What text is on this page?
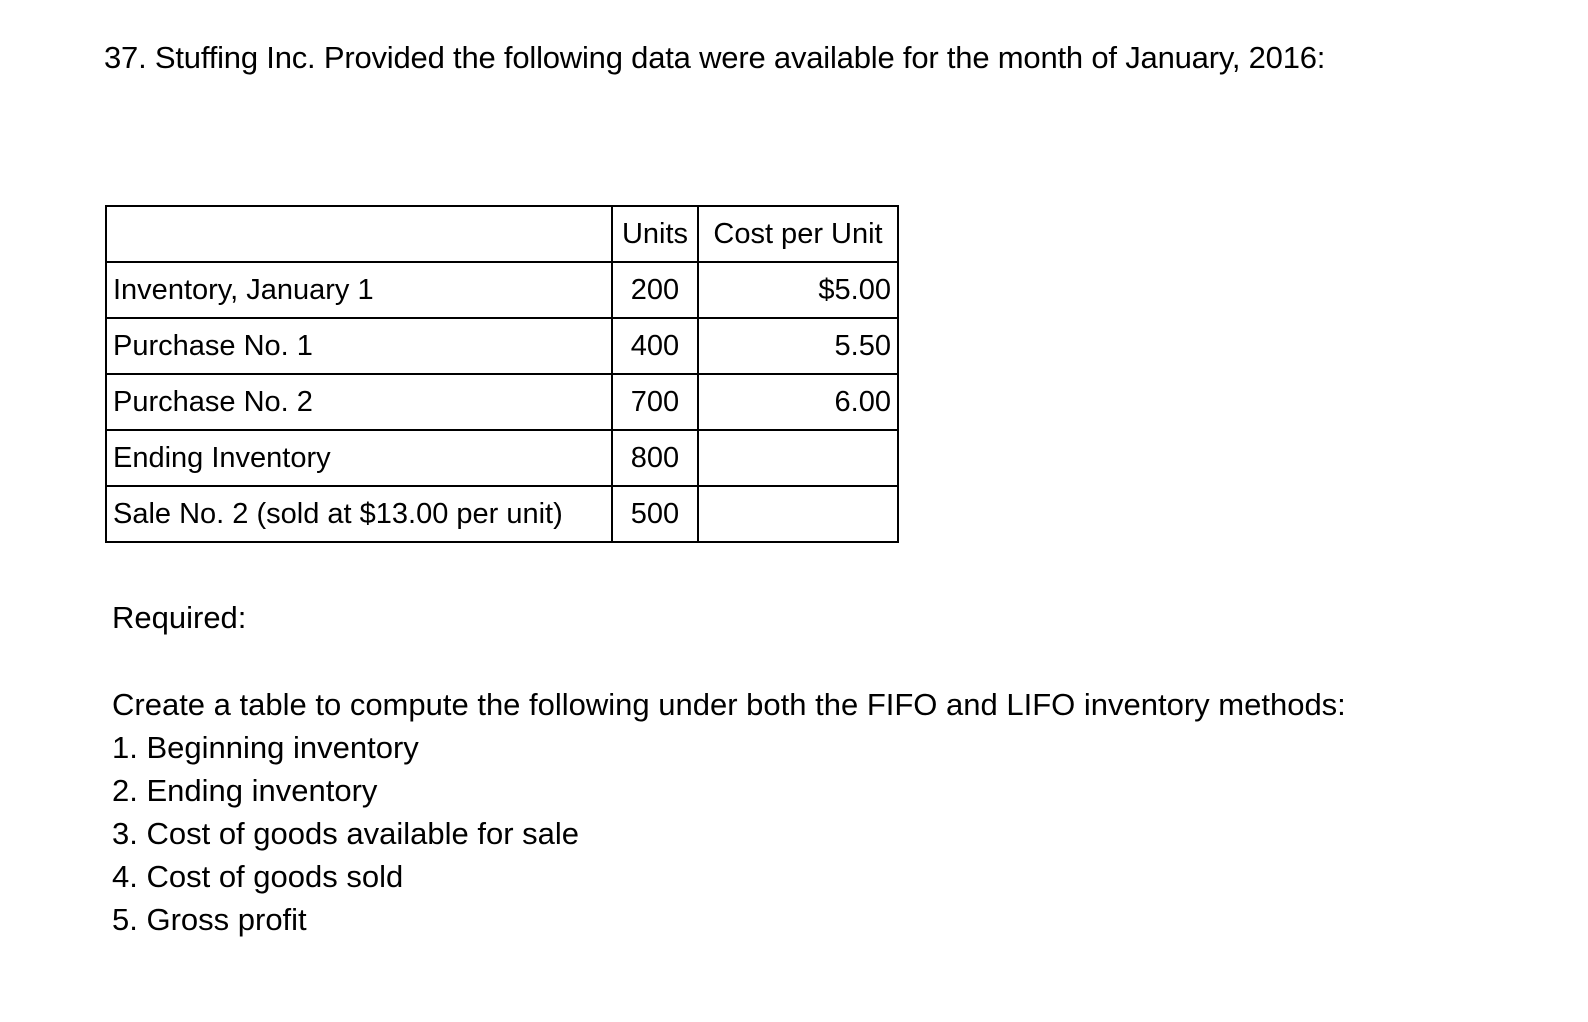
37. Stuffing Inc. Provided the following data were available for the month of January, 2016:
	Units	Cost per Unit
Inventory, January 1	200	$5.00
Purchase No. 1	400	5.50
Purchase No. 2	700	6.00
Ending Inventory	800	
Sale No. 2 (sold at $13.00 per unit)	500	
Required:
Create a table to compute the following under both the FIFO and LIFO inventory methods:
1. Beginning inventory
2. Ending inventory
3. Cost of goods available for sale
4. Cost of goods sold
5. Gross profit
